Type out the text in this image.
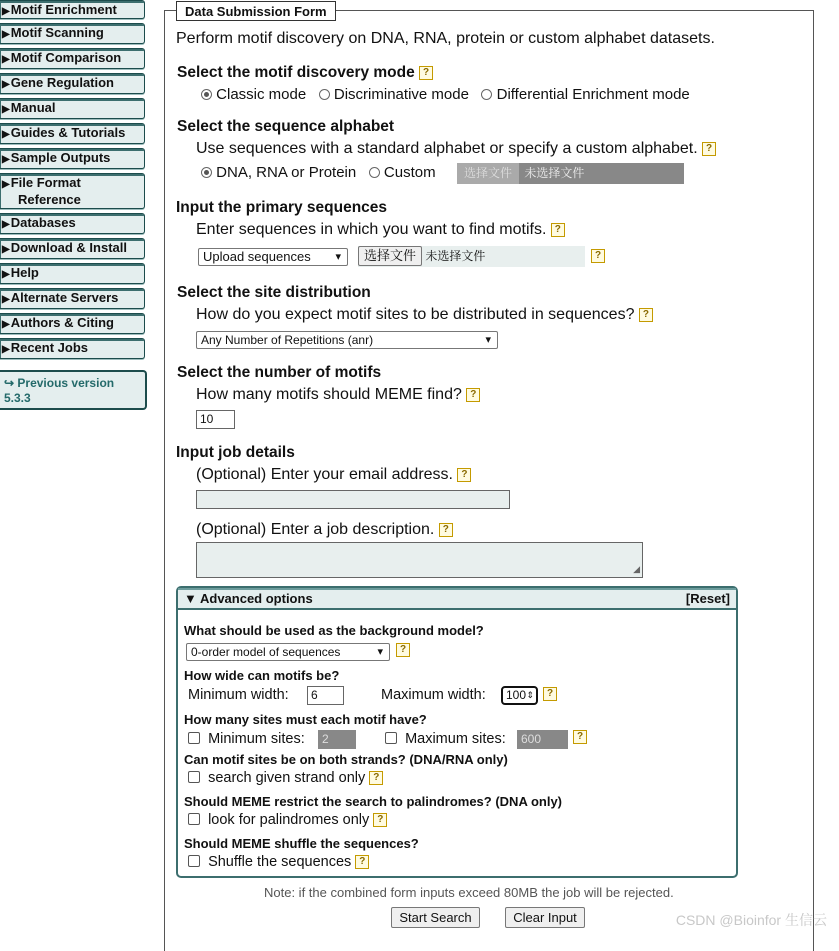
▶Motif Enrichment
▶Motif Scanning
▶Motif Comparison
▶Gene Regulation
▶Manual
▶Guides & Tutorials
▶Sample Outputs
▶File Format
Reference
▶Databases
▶Download & Install
▶Help
▶Alternate Servers
▶Authors & Citing
▶Recent Jobs
↪ Previous version
5.3.3
Data Submission Form
Perform motif discovery on DNA, RNA, protein or custom alphabet datasets.
Select the motif discovery mode ?
Classic mode Discriminative mode Differential Enrichment mode
Select the sequence alphabet
Use sequences with a standard alphabet or specify a custom alphabet. ?
DNA, RNA or Protein Custom	选择文件 未选择文件
Input the primary sequences
Enter sequences in which you want to find motifs. ?
Upload sequences ▾	选择文件 未选择文件	?
Select the site distribution
How do you expect motif sites to be distributed in sequences? ?
Any Number of Repetitions (anr)	▾
Select the number of motifs
How many motifs should MEME find? ?
10
Input job details
(Optional) Enter your email address. ?
(Optional) Enter a job description. ?
◢
▼ Advanced options	[Reset]
What should be used as the background model?
0-order model of sequences	▾	?
How wide can motifs be?
Minimum width:	6	Maximum width:	100 ⇕	?
How many sites must each motif have?
Minimum sites:	2	Maximum sites:	600	?
Can motif sites be on both strands? (DNA/RNA only)
search given strand only ?
Should MEME restrict the search to palindromes? (DNA only)
look for palindromes only ?
Should MEME shuffle the sequences?
Shuffle the sequences ?
Note: if the combined form inputs exceed 80MB the job will be rejected.
Start Search	Clear Input	CSDN @Bioinfor 生信云
